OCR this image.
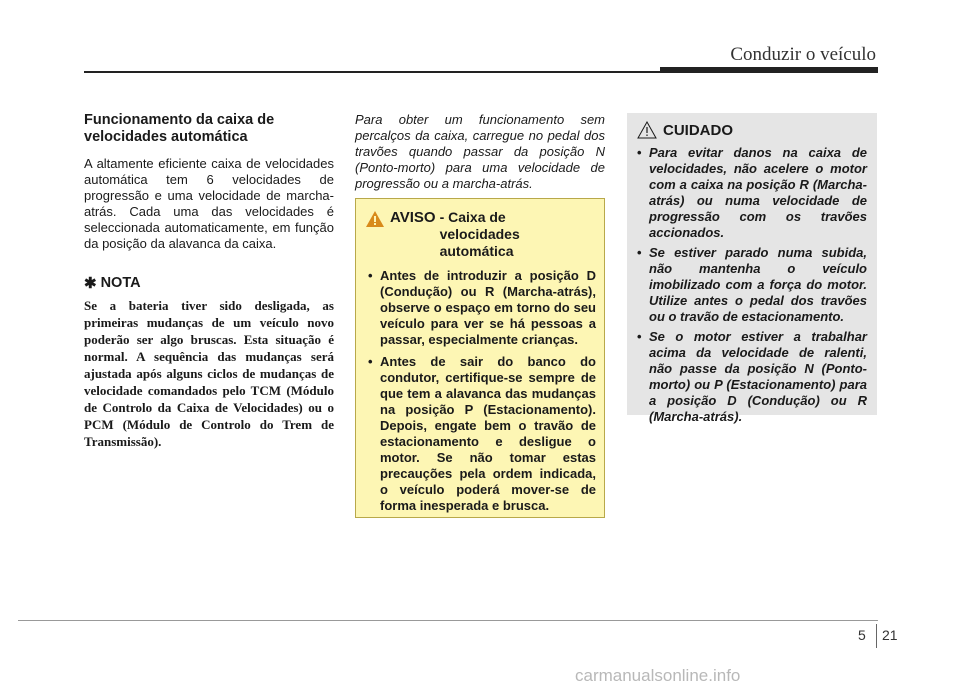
Conduzir o veículo
Funcionamento da caixa de velocidades automática

A altamente eficiente caixa de velocidades automática tem 6 velocidades de progressão e uma velocidade de marcha-atrás. Cada uma das velocidades é seleccionada automaticamente, em função da posição da alavanca da caixa.

✱ NOTA

Se a bateria tiver sido desligada, as primeiras mudanças de um veículo novo poderão ser algo bruscas. Esta situação é normal. A sequência das mudanças será ajustada após alguns ciclos de mudanças de velocidade comandados pelo TCM (Módulo de Controlo da Caixa de Velocidades) ou o PCM (Módulo de Controlo do Trem de Transmissão).

Para obter um funcionamento sem percalços da caixa, carregue no pedal dos travões quando passar da posição N (Ponto-morto) para uma velocidade de progressão ou a marcha-atrás.

AVISO - Caixa de velocidades automática
• Antes de introduzir a posição D (Condução) ou R (Marcha-atrás), observe o espaço em torno do seu veículo para ver se há pessoas a passar, especialmente crianças.
• Antes de sair do banco do condutor, certifique-se sempre de que tem a alavanca das mudanças na posição P (Estacionamento). Depois, engate bem o travão de estacionamento e desligue o motor. Se não tomar estas precauções pela ordem indicada, o veículo poderá mover-se de forma inesperada e brusca.
CUIDADO
• Para evitar danos na caixa de velocidades, não acelere o motor com a caixa na posição R (Marcha-atrás) ou numa velocidade de progressão com os travões accionados.
• Se estiver parado numa subida, não mantenha o veículo imobilizado com a força do motor. Utilize antes o pedal dos travões ou o travão de estacionamento.
• Se o motor estiver a trabalhar acima da velocidade de ralenti, não passe da posição N (Ponto-morto) ou P (Estacionamento) para a posição D (Condução) ou R (Marcha-atrás).
5 21
carmanualsonline.info
